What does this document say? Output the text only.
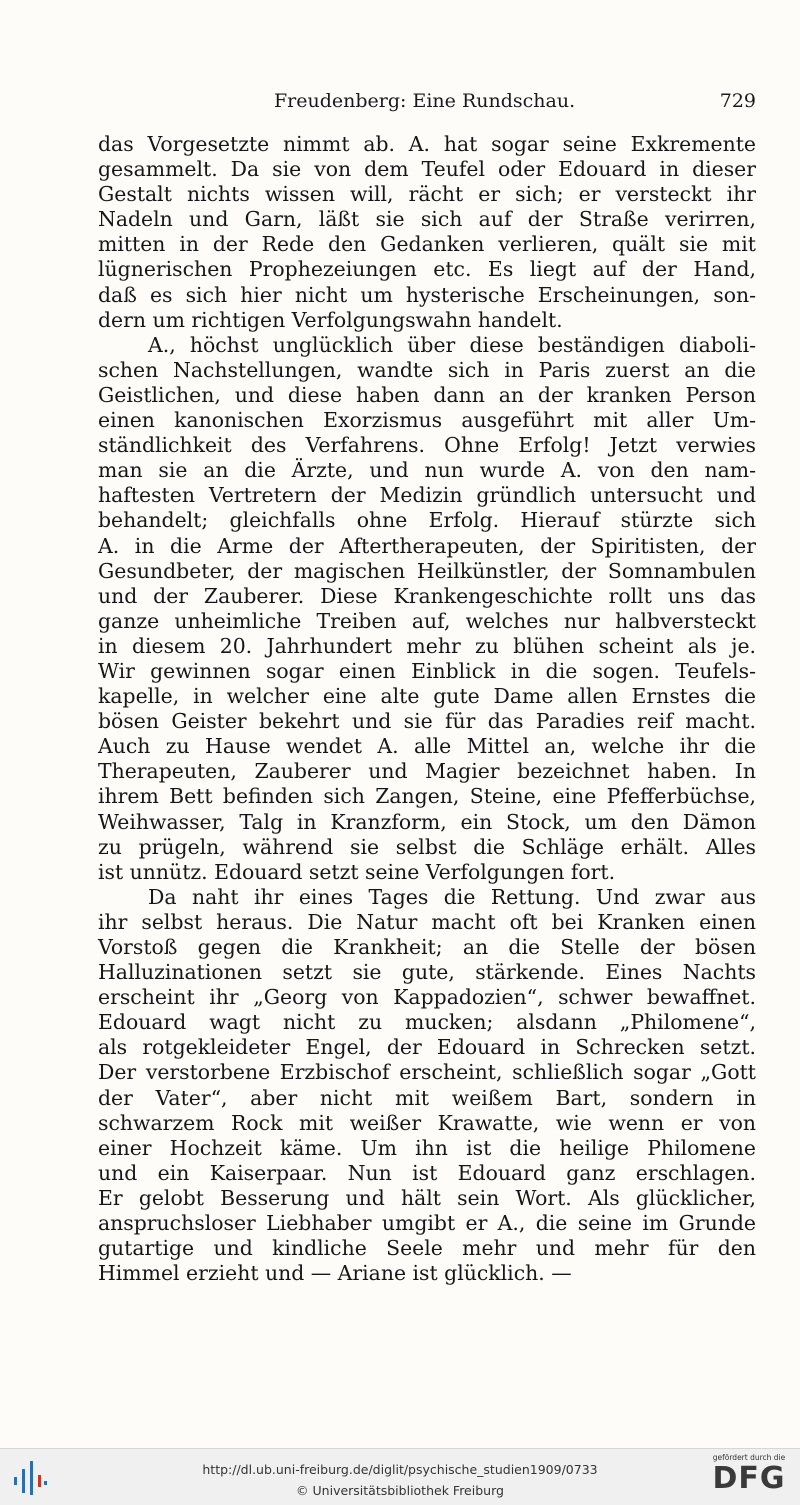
Freudenberg: Eine Rundschau.	729
das Vorgesetzte nimmt ab. A. hat sogar seine Exkremente
gesammelt. Da sie von dem Teufel oder Edouard in dieser
Gestalt nichts wissen will, rächt er sich; er versteckt ihr
Nadeln und Garn, läßt sie sich auf der Straße verirren,
mitten in der Rede den Gedanken verlieren, quält sie mit
lügnerischen Prophezeiungen etc. Es liegt auf der Hand,
daß es sich hier nicht um hysterische Erscheinungen, son-
dern um richtigen Verfolgungswahn handelt.
A., höchst unglücklich über diese beständigen diaboli-
schen Nachstellungen, wandte sich in Paris zuerst an die
Geistlichen, und diese haben dann an der kranken Person
einen kanonischen Exorzismus ausgeführt mit aller Um-
ständlichkeit des Verfahrens. Ohne Erfolg! Jetzt verwies
man sie an die Ärzte, und nun wurde A. von den nam-
haftesten Vertretern der Medizin gründlich untersucht und
behandelt; gleichfalls ohne Erfolg. Hierauf stürzte sich
A. in die Arme der Aftertherapeuten, der Spiritisten, der
Gesundbeter, der magischen Heilkünstler, der Somnambulen
und der Zauberer. Diese Krankengeschichte rollt uns das
ganze unheimliche Treiben auf, welches nur halbversteckt
in diesem 20. Jahrhundert mehr zu blühen scheint als je.
Wir gewinnen sogar einen Einblick in die sogen. Teufels-
kapelle, in welcher eine alte gute Dame allen Ernstes die
bösen Geister bekehrt und sie für das Paradies reif macht.
Auch zu Hause wendet A. alle Mittel an, welche ihr die
Therapeuten, Zauberer und Magier bezeichnet haben. In
ihrem Bett befinden sich Zangen, Steine, eine Pfefferbüchse,
Weihwasser, Talg in Kranzform, ein Stock, um den Dämon
zu prügeln, während sie selbst die Schläge erhält. Alles
ist unnütz. Edouard setzt seine Verfolgungen fort.
Da naht ihr eines Tages die Rettung. Und zwar aus
ihr selbst heraus. Die Natur macht oft bei Kranken einen
Vorstoß gegen die Krankheit; an die Stelle der bösen
Halluzinationen setzt sie gute, stärkende. Eines Nachts
erscheint ihr „Georg von Kappadozien“, schwer bewaffnet.
Edouard wagt nicht zu mucken; alsdann „Philomene“,
als rotgekleideter Engel, der Edouard in Schrecken setzt.
Der verstorbene Erzbischof erscheint, schließlich sogar „Gott
der Vater“, aber nicht mit weißem Bart, sondern in
schwarzem Rock mit weißer Krawatte, wie wenn er von
einer Hochzeit käme. Um ihn ist die heilige Philomene
und ein Kaiserpaar. Nun ist Edouard ganz erschlagen.
Er gelobt Besserung und hält sein Wort. Als glücklicher,
anspruchsloser Liebhaber umgibt er A., die seine im Grunde
gutartige und kindliche Seele mehr und mehr für den
Himmel erzieht und — Ariane ist glücklich. —
http://dl.ub.uni-freiburg.de/diglit/psychische_studien1909/0733
© Universitätsbibliothek Freiburg
gefördert durch die
DFG
